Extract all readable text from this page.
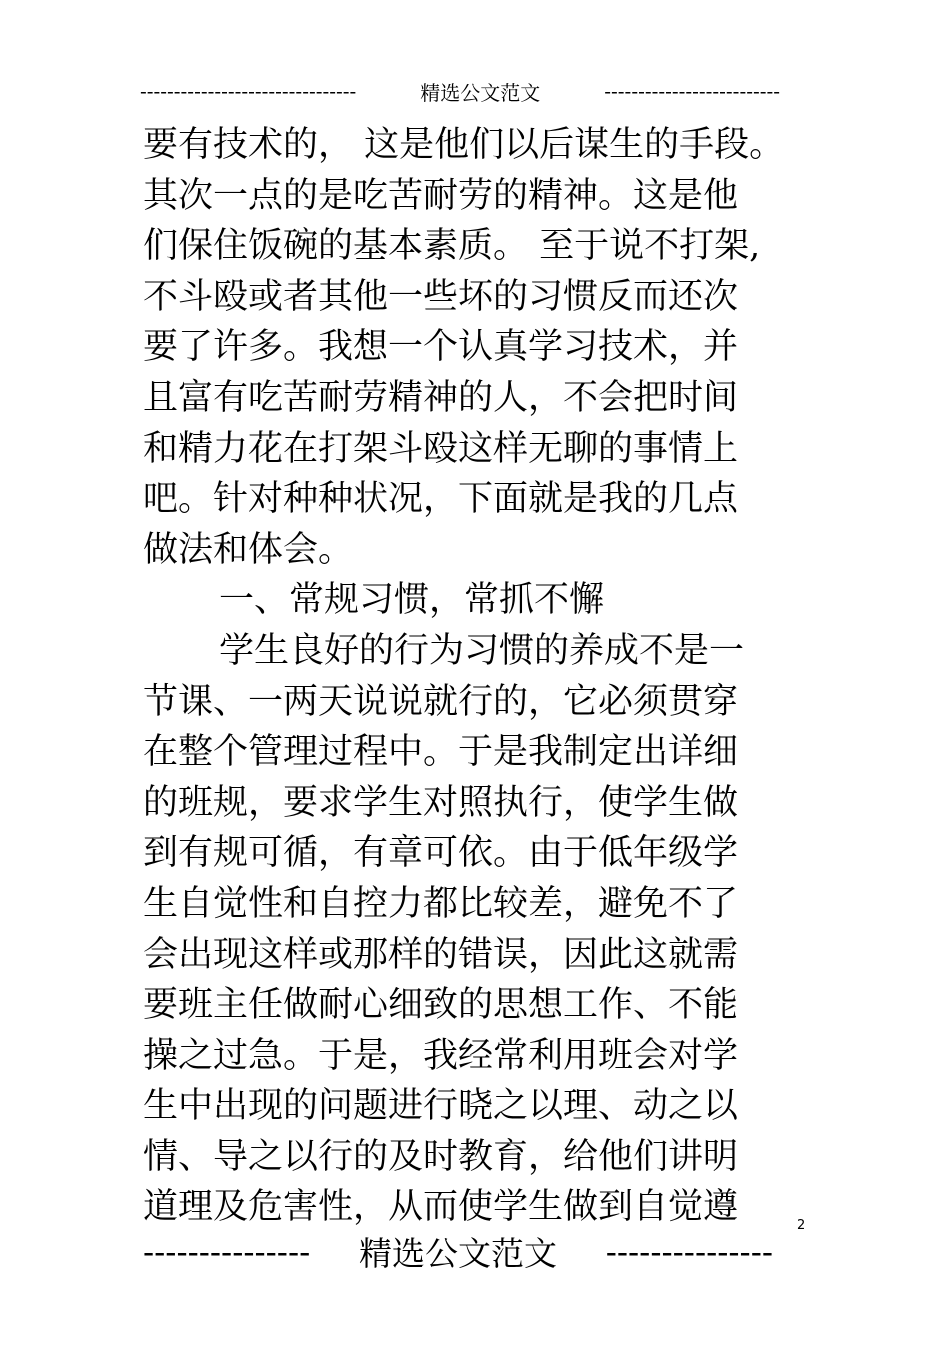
--------------------------------	精选公文范文	--------------------------
要有技术的， 这是他们以后谋生的手段。
其次一点的是吃苦耐劳的精神。这是他
们保住饭碗的基本素质。 至于说不打架,
不斗殴或者其他一些坏的习惯反而还次
要了许多。我想一个认真学习技术，并
且富有吃苦耐劳精神的人，不会把时间
和精力花在打架斗殴这样无聊的事情上
吧。针对种种状况，下面就是我的几点
做法和体会。
一、常规习惯，常抓不懈
学生良好的行为习惯的养成不是一
节课、一两天说说就行的，它必须贯穿
在整个管理过程中。于是我制定出详细
的班规，要求学生对照执行，使学生做
到有规可循，有章可依。由于低年级学
生自觉性和自控力都比较差，避免不了
会出现这样或那样的错误，因此这就需
要班主任做耐心细致的思想工作、不能
操之过急。于是，我经常利用班会对学
生中出现的问题进行晓之以理、动之以
情、导之以行的及时教育，给他们讲明
道理及危害性，从而使学生做到自觉遵	2
--------------- 精选公文范文 ---------------
